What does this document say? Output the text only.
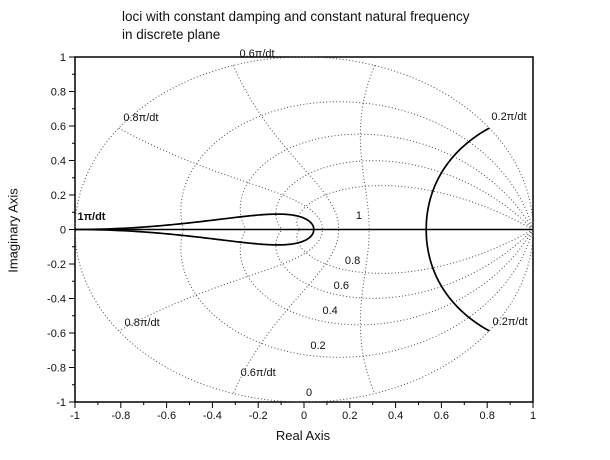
loci with constant damping and constant natural frequency
in discrete plane
-1	-0.8 -0.6 -0.4 -0.2	0	0.2	0.4	0.6	0.8	1
1
0.8
0.6
0.4
0.2
0
-0.2
-0.4
-0.6
-0.8
-1
0.6π/dt
0.8π/dt	0.2π/dt
1π/dt
0.8π/dt	0.2π/dt
0.6π/dt
1
0.8
0.6
0.4
0.2
0
Real Axis
Imaginary Axis
